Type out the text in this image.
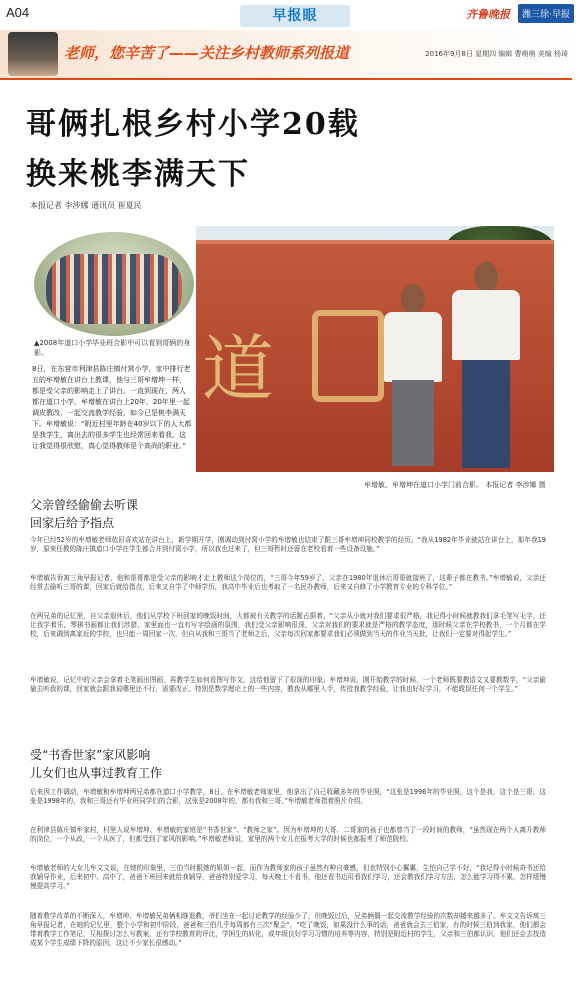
A04	早报眼	齐鲁晚报	潍三徐·早报
老师，您辛苦了——关注乡村教师系列报道	2016年9月8日 星期四 编辑 曹萌萌 美编 杨琦
哥俩扎根乡村小学20载
换来桃李满天下
本报记者 李涉娜 通讯员 崔夏民
▲2008年道口小学毕业班合影中可以看到哥俩的身影。
8日，在东营市利津县陈庄镇付窝小学，家中排行老五的牟增敏在讲台上教课，他与三哥牟增坤一样，都是受父亲的影响走上了讲台。一直到现在，两人都在道口小学，牟增敏在讲台上20年，20年里一起调皮教改，一起交流教学经验，如今已是桃李满天下。牟增敏说：“附近村里年龄在40岁以下的人大都是我学生，离出去的很多学生也经常回来看我，这让我觉得很欣慰，真心觉得教师是个高尚的职业。”
道
牟增敏、牟增坤在道口小学门前合影。 本报记者 李涉娜 摄
父亲曾经偷偷去听课
回家后给予指点

今年已经52岁的牟增敏老师依旧喜欢站在讲台上，新学期开学，刚调动到付窝小学的牟增敏也结束了跟三哥牟增坤同校教学的经历。“我从1982年毕业就站在讲台上，那年我19岁，原来任教的陈庄镇道口小学在学生都合并到付窝小学，所以我也过来了，但三哥暂时还留在老校看着一些设备设施。”

牟增敏告诉寓三角早报记者，他和哥哥都是受父亲的影响才走上教师这个岗位的，“三哥今年59岁了，父亲在1980年退休后哥哥就接班了，这辈子都在教书。”牟增敏说，父亲还经常去偷听三哥的课，回家后就给指点，后来又自学了中师学历，我高中毕业后也考取了一名民办教师，后来又自修了小学教育专业的专科学位。”

在两兄弟的记忆里，自父亲退休后，他们从学校下班回家的晚饭时间，大都被有关教学的话题占据着。“父亲从小就对我们要求很严格，我记得小时候就教我们拿毛笔写毛字，还让我学着乐，琴棋书画都让我们涉猎，家里面也一直有写字绘画的氛围，我们受父亲影响很深，父亲对我们的要求就是严格的教学态度，那时候父亲在学校教书，一个月都在学校，后来调到离家近的学校，也只能一周回家一次，但自从我和三哥当了老师之后，父亲每次回家都要求我们必须做到当天的作业当天批，让我们一定要对得起学生。”

牟增敏说，记忆中的父亲会拿着毛笔画出图画，再教学生如何看图写作文，这给他留下了很深的印象。牟增坤说，刚开始教学的时候，一个老师既要教语文又要教数学，“父亲偷偷去听我的课，回家就会跟我说哪里还不行，需要改正。特别是数学理论上的一些内容，教我从哪里入手，传授我教学经验，让我也好好学习，不能耽误任何一个学生。”

受“书香世家”家风影响
儿女们也从事过教育工作

后来因工作调动，牟增敏和牟增坤两兄弟都在道口小学教学，8日，在牟增敏老师家里，他拿出了自己收藏多年的毕业照，“这张是1996年的毕业照，这个是我，这个是三哥，这张是1998年的，我和三哥还有毕业班同学们的合影，这张是2008年的，都有我和三哥。”牟增敏老师指着照片介绍。

在利津县陈庄镇牟家村，村里人说牟增坤、牟增敏的家庭是“书香世家”、“教师之家”。因为牟增坤的大哥、二哥家的孩子也都曾当了一段时间的教师，“虽然现在两个人离开教师的岗位，一个从政，一个从医了，但都受到了家风的影响。”牟增敏老师说，家里的两个女儿在报考大学的时候也都报考了师范院校。

牟增敏老师的大女儿牟文文说，在她的印象里，三伯当时跟她的姐姐一起，而作为教师家的孩子虽然有种自豪感，但也特别小心翼翼，生怕自己学不好，“我记得小时候奇书还给我辅导作业，后来初中、高中了，爸爸下班回来就给我辅导，爸爸特别爱学习，每天晚上不看书，他还看书边用看我们学习，还会教我们学习方法，怎么能学习得不累，怎样缓慢慢提高学习。”

随着教学改革的不断深入，牟增坤、牟增敏兄弟俩相继退教，爷们坐在一起讨论教学的经验少了，但晚饭过后，兄弟俩偶一起交流教学经验的次数却越来越多了。牟文文告诉寓三角早报记者，在她的记忆里，整个小学和初中阶段，爸爸和三伯几乎每周都有三次“聚会”，“吃了晚饭，如果没什么事的话，爸爸就会去三伯家，有的时候三伯到我家，他们都会带着教学工作笔记，互相探讨怎么写教案，还有学校教育的评比，学困生的转化，或年级良好学习习惯的培养等内容，特别是附近村的学生，父亲和三伯都认识，他们还会去找造成某个学生成绩下降的原因，这让不少家长很感动。”
